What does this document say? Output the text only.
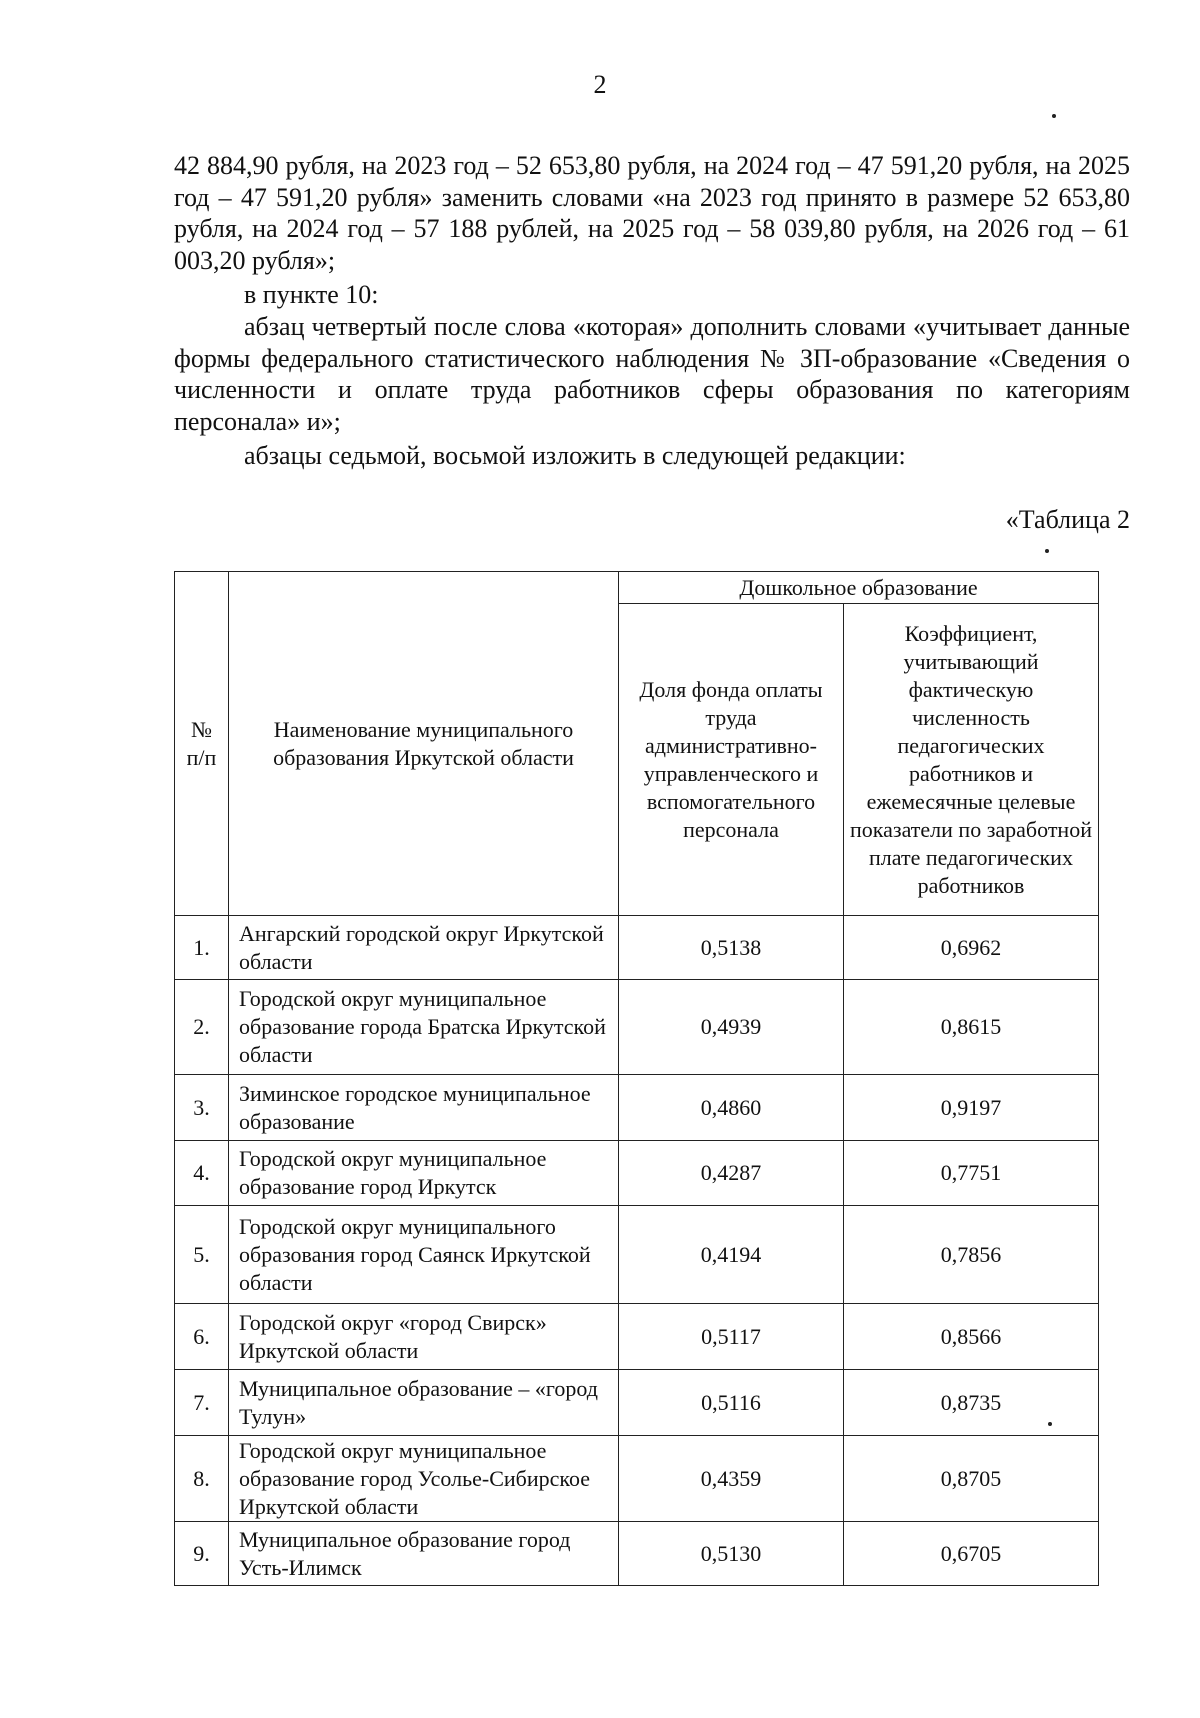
2

42 884,90 рубля, на 2023 год – 52 653,80 рубля, на 2024 год – 47 591,20 рубля, на 2025 год – 47 591,20 рубля» заменить словами «на 2023 год принято в размере 52 653,80 рубля, на 2024 год – 57 188 рублей, на 2025 год – 58 039,80 рубля, на 2026 год – 61 003,20 рубля»;

в пункте 10:

абзац четвертый после слова «которая» дополнить словами «учитывает данные формы федерального статистического наблюдения № ЗП-образование «Сведения о численности и оплате труда работников сферы образования по категориям персонала» и»;

абзацы седьмой, восьмой изложить в следующей редакции:

«Таблица 2
№ п/п	Наименование муниципального образования Иркутской области	Дошкольное образование	
		Доля фонда оплаты труда административно-управленческого и вспомогательного персонала	Коэффициент, учитывающий фактическую численность педагогических работников и ежемесячные целевые показатели по заработной плате педагогических работников
1.	Ангарский городской округ Иркутской области	0,5138	0,6962
2.	Городской округ муниципальное образование города Братска Иркутской области	0,4939	0,8615
3.	Зиминское городское муниципальное образование	0,4860	0,9197
4.	Городской округ муниципальное образование город Иркутск	0,4287	0,7751
5.	Городской округ муниципального образования город Саянск Иркутской области	0,4194	0,7856
6.	Городской округ «город Свирск» Иркутской области	0,5117	0,8566
7.	Муниципальное образование – «город Тулун»	0,5116	0,8735
8.	Городской округ муниципальное образование город Усолье-Сибирское Иркутской области	0,4359	0,8705
9.	Муниципальное образование город Усть-Илимск	0,5130	0,6705
